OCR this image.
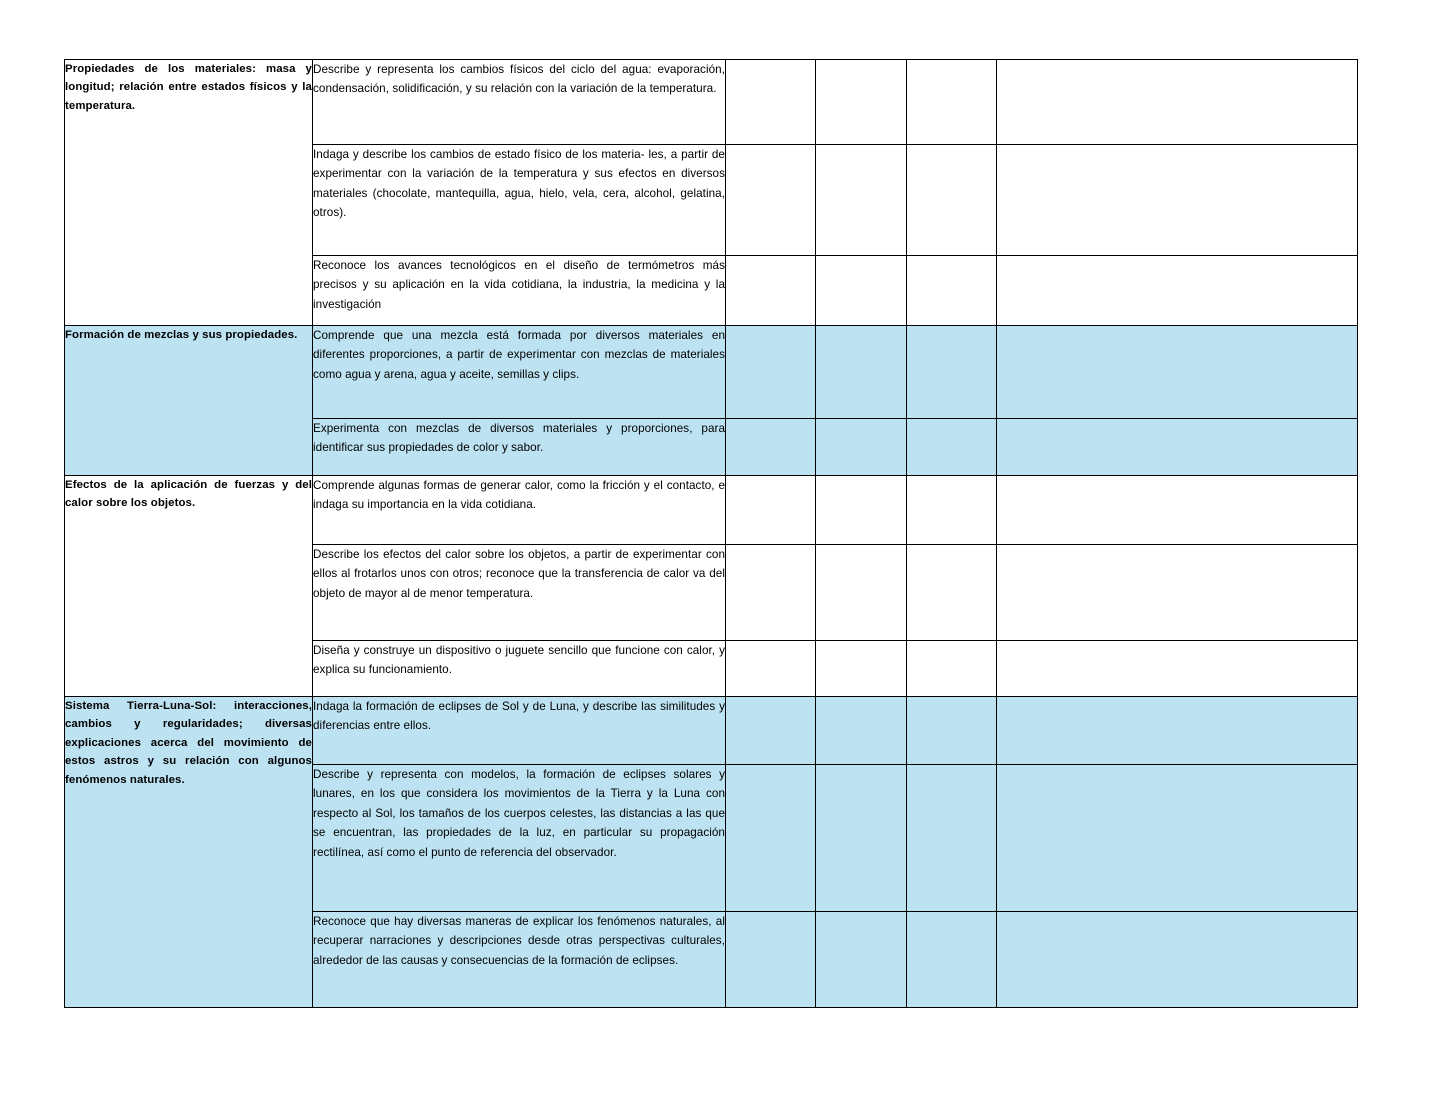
Propiedades de los materiales: masa y longitud; relación entre estados físicos y la temperatura.	Describe y representa los cambios físicos del ciclo del agua: evaporación, condensación, solidificación, y su relación con la variación de la temperatura.				

	Indaga y describe los cambios de estado físico de los materia- les, a partir de experimentar con la variación de la temperatura y sus efectos en diversos materiales (chocolate, mantequilla, agua, hielo, vela, cera, alcohol, gelatina, otros).				

	Reconoce los avances tecnológicos en el diseño de termómetros más precisos y su aplicación en la vida cotidiana, la industria, la medicina y la investigación				

Formación de mezclas y sus propiedades.	Comprende que una mezcla está formada por diversos materiales en diferentes proporciones, a partir de experimentar con mezclas de materiales como agua y arena, agua y aceite, semillas y clips.				

	Experimenta con mezclas de diversos materiales y proporciones, para identificar sus propiedades de color y sabor.				

Efectos de la aplicación de fuerzas y del calor sobre los objetos.	Comprende algunas formas de generar calor, como la fricción y el contacto, e indaga su importancia en la vida cotidiana.				

	Describe los efectos del calor sobre los objetos, a partir de experimentar con ellos al frotarlos unos con otros; reconoce que la transferencia de calor va del objeto de mayor al de menor temperatura.				

	Diseña y construye un dispositivo o juguete sencillo que funcione con calor, y explica su funcionamiento.				

Sistema Tierra-Luna-Sol: interacciones, cambios y regularidades; diversas explicaciones acerca del movimiento de estos astros y su relación con algunos fenómenos naturales.	Indaga la formación de eclipses de Sol y de Luna, y describe las similitudes y diferencias entre ellos.				

	Describe y representa con modelos, la formación de eclipses solares y lunares, en los que considera los movimientos de la Tierra y la Luna con respecto al Sol, los tamaños de los cuerpos celestes, las distancias a las que se encuentran, las propiedades de la luz, en particular su propagación rectilínea, así como el punto de referencia del observador.				

	Reconoce que hay diversas maneras de explicar los fenómenos naturales, al recuperar narraciones y descripciones desde otras perspectivas culturales, alrededor de las causas y consecuencias de la formación de eclipses.				
